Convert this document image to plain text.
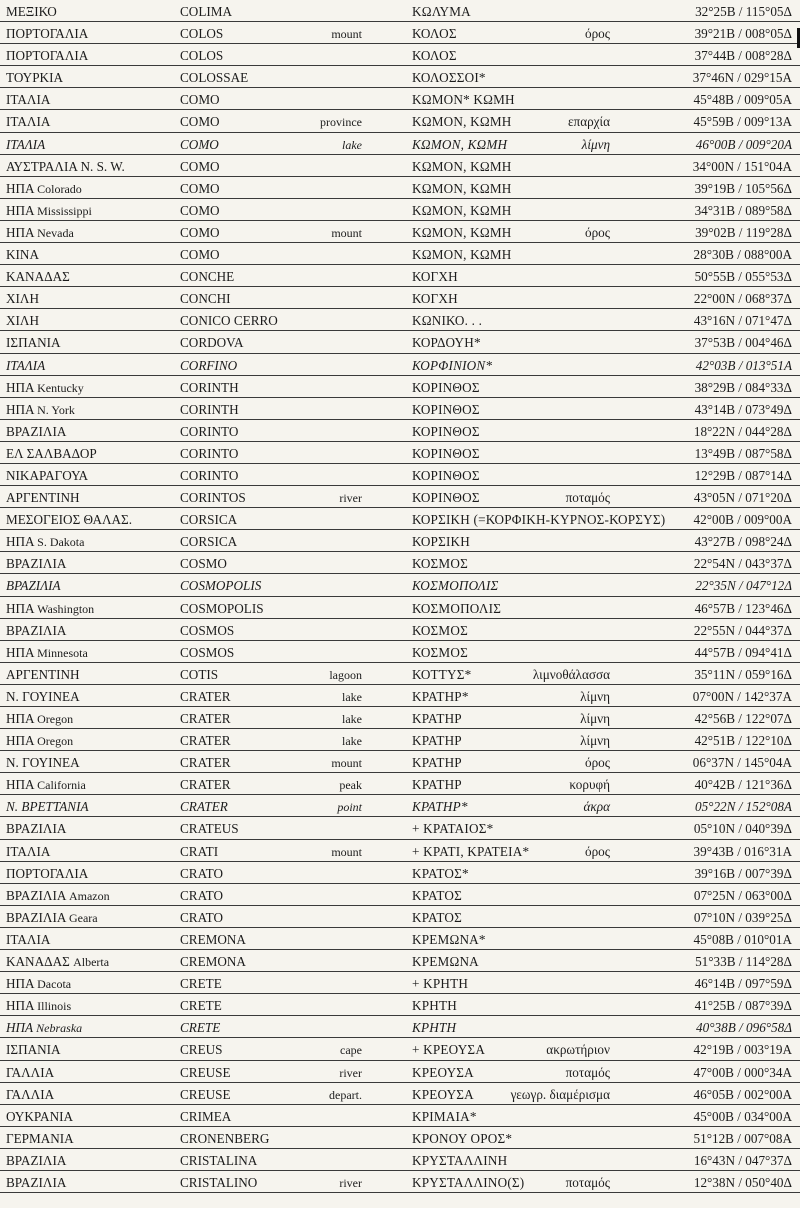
ΜΕΞΙΚΟ	COLIMA	ΚΩΛΥΜΑ	32°25B / 115°05Δ
ΠΟΡΤΟΓΑΛΙΑ	COLOS	mount	ΚΟΛΟΣ	όρος	39°21B / 008°05Δ
ΠΟΡΤΟΓΑΛΙΑ	COLOS	ΚΟΛΟΣ	37°44B / 008°28Δ
ΤΟΥΡΚΙΑ	COLOSSAE	ΚΟΛΟΣΣΟΙ*	37°46N / 029°15A
ΙΤΑΛΙΑ	COMO	ΚΩΜΟΝ* ΚΩΜΗ	45°48B / 009°05A
ΙΤΑΛΙΑ	COMO	province	ΚΩΜΟΝ, ΚΩΜΗ	επαρχία	45°59B / 009°13A
ΙΤΑΛΙΑ	COMO	lake	ΚΩΜΟΝ, ΚΩΜΗ	λίμνη	46°00B / 009°20A
ΑΥΣΤΡΑΛΙΑ N. S. W.	COMO	ΚΩΜΟΝ, ΚΩΜΗ	34°00N / 151°04A
ΗΠΑ Colorado	COMO	ΚΩΜΟΝ, ΚΩΜΗ	39°19B / 105°56Δ
ΗΠΑ Mississippi	COMO	ΚΩΜΟΝ, ΚΩΜΗ	34°31B / 089°58Δ
ΗΠΑ Nevada	COMO	mount	ΚΩΜΟΝ, ΚΩΜΗ	όρος	39°02B / 119°28Δ
ΚΙΝΑ	COMO	ΚΩΜΟΝ, ΚΩΜΗ	28°30B / 088°00A
ΚΑΝΑΔΑΣ	CONCHE	ΚΟΓΧΗ	50°55B / 055°53Δ
ΧΙΛΗ	CONCHI	ΚΟΓΧΗ	22°00N / 068°37Δ
ΧΙΛΗ	CONICO CERRO	ΚΩΝΙΚΟ. . .	43°16N / 071°47Δ
ΙΣΠΑΝΙΑ	CORDOVA	ΚΟΡΔΟΥΗ*	37°53B / 004°46Δ
ΙΤΑΛΙΑ	CORFINO	ΚΟΡΦΙΝΙΟΝ*	42°03B / 013°51A
ΗΠΑ Kentucky	CORINTH	ΚΟΡΙΝΘΟΣ	38°29B / 084°33Δ
ΗΠΑ N. York	CORINTH	ΚΟΡΙΝΘΟΣ	43°14B / 073°49Δ
ΒΡΑΖΙΛΙΑ	CORINTO	ΚΟΡΙΝΘΟΣ	18°22N / 044°28Δ
ΕΛ ΣΑΛΒΑΔΟΡ	CORINTO	ΚΟΡΙΝΘΟΣ	13°49B / 087°58Δ
ΝΙΚΑΡΑΓΟΥΑ	CORINTO	ΚΟΡΙΝΘΟΣ	12°29B / 087°14Δ
ΑΡΓΕΝΤΙΝΗ	CORINTOS	river	ΚΟΡΙΝΘΟΣ	ποταμός	43°05N / 071°20Δ
ΜΕΣΟΓΕΙΟΣ ΘΑΛΑΣ.	CORSICA	ΚΟΡΣΙΚΗ (=ΚΟΡΦΙΚΗ-ΚΥΡΝΟΣ-ΚΟΡΣΥΣ) 42°00B / 009°00A
ΗΠΑ S. Dakota	CORSICA	ΚΟΡΣΙΚΗ	43°27B / 098°24Δ
ΒΡΑΖΙΛΙΑ	COSMO	ΚΟΣΜΟΣ	22°54N / 043°37Δ
ΒΡΑΖΙΛΙΑ	COSMOPOLIS	ΚΟΣΜΟΠΟΛΙΣ	22°35N / 047°12Δ
ΗΠΑ Washington	COSMOPOLIS	ΚΟΣΜΟΠΟΛΙΣ	46°57B / 123°46Δ
ΒΡΑΖΙΛΙΑ	COSMOS	ΚΟΣΜΟΣ	22°55N / 044°37Δ
ΗΠΑ Minnesota	COSMOS	ΚΟΣΜΟΣ	44°57B / 094°41Δ
ΑΡΓΕΝΤΙΝΗ	COTIS	lagoon	ΚΟΤΤΥΣ*	λιμνοθάλασσα	35°11N / 059°16Δ
Ν. ΓΟΥΙΝΕΑ	CRATER	lake	ΚΡΑΤΗΡ*	λίμνη	07°00N / 142°37A
ΗΠΑ Oregon	CRATER	lake	ΚΡΑΤΗΡ	λίμνη	42°56B / 122°07Δ
ΗΠΑ Oregon	CRATER	lake	ΚΡΑΤΗΡ	λίμνη	42°51B / 122°10Δ
Ν. ΓΟΥΙΝΕΑ	CRATER	mount	ΚΡΑΤΗΡ	όρος	06°37N / 145°04A
ΗΠΑ California	CRATER	peak	ΚΡΑΤΗΡ	κορυφή	40°42B / 121°36Δ
Ν. ΒΡΕΤΤΑΝΙΑ	CRATER	point	ΚΡΑΤΗΡ*	άκρα	05°22N / 152°08A
ΒΡΑΖΙΛΙΑ	CRATEUS	+ ΚΡΑΤΑΙΟΣ*	05°10N / 040°39Δ
ΙΤΑΛΙΑ	CRATI	mount	+ ΚΡΑΤΙ, ΚΡΑΤΕΙΑ*	όρος	39°43B / 016°31A
ΠΟΡΤΟΓΑΛΙΑ	CRATO	ΚΡΑΤΟΣ*	39°16B / 007°39Δ
ΒΡΑΖΙΛΙΑ Amazon	CRATO	ΚΡΑΤΟΣ	07°25N / 063°00Δ
ΒΡΑΖΙΛΙΑ Geara	CRATO	ΚΡΑΤΟΣ	07°10N / 039°25Δ
ΙΤΑΛΙΑ	CREMONA	ΚΡΕΜΩΝΑ*	45°08B / 010°01A
ΚΑΝΑΔΑΣ Alberta	CREMONA	ΚΡΕΜΩΝΑ	51°33B / 114°28Δ
ΗΠΑ Dacota	CRETE	+ ΚΡΗΤΗ	46°14B / 097°59Δ
ΗΠΑ Illinois	CRETE	ΚΡΗΤΗ	41°25B / 087°39Δ
ΗΠΑ Nebraska	CRETE	ΚΡΗΤΗ	40°38B / 096°58Δ
ΙΣΠΑΝΙΑ	CREUS	cape	+ ΚΡΕΟΥΣΑ	ακρωτήριον	42°19B / 003°19A
ΓΑΛΛΙΑ	CREUSE	river	ΚΡΕΟΥΣΑ	ποταμός	47°00B / 000°34A
ΓΑΛΛΙΑ	CREUSE	depart.	ΚΡΕΟΥΣΑ	γεωγρ. διαμέρισμα	46°05B / 002°00A
ΟΥΚΡΑΝΙΑ	CRIMEA	ΚΡΙΜΑΙΑ*	45°00B / 034°00A
ΓΕΡΜΑΝΙΑ	CRONENBERG	ΚΡΟΝΟΥ ΟΡΟΣ*	51°12B / 007°08A
ΒΡΑΖΙΛΙΑ	CRISTALINA	ΚΡΥΣΤΑΛΛΙΝΗ	16°43N / 047°37Δ
ΒΡΑΖΙΛΙΑ	CRISTALINO	river	ΚΡΥΣΤΑΛΛΙΝΟ(Σ)	ποταμός	12°38N / 050°40Δ
